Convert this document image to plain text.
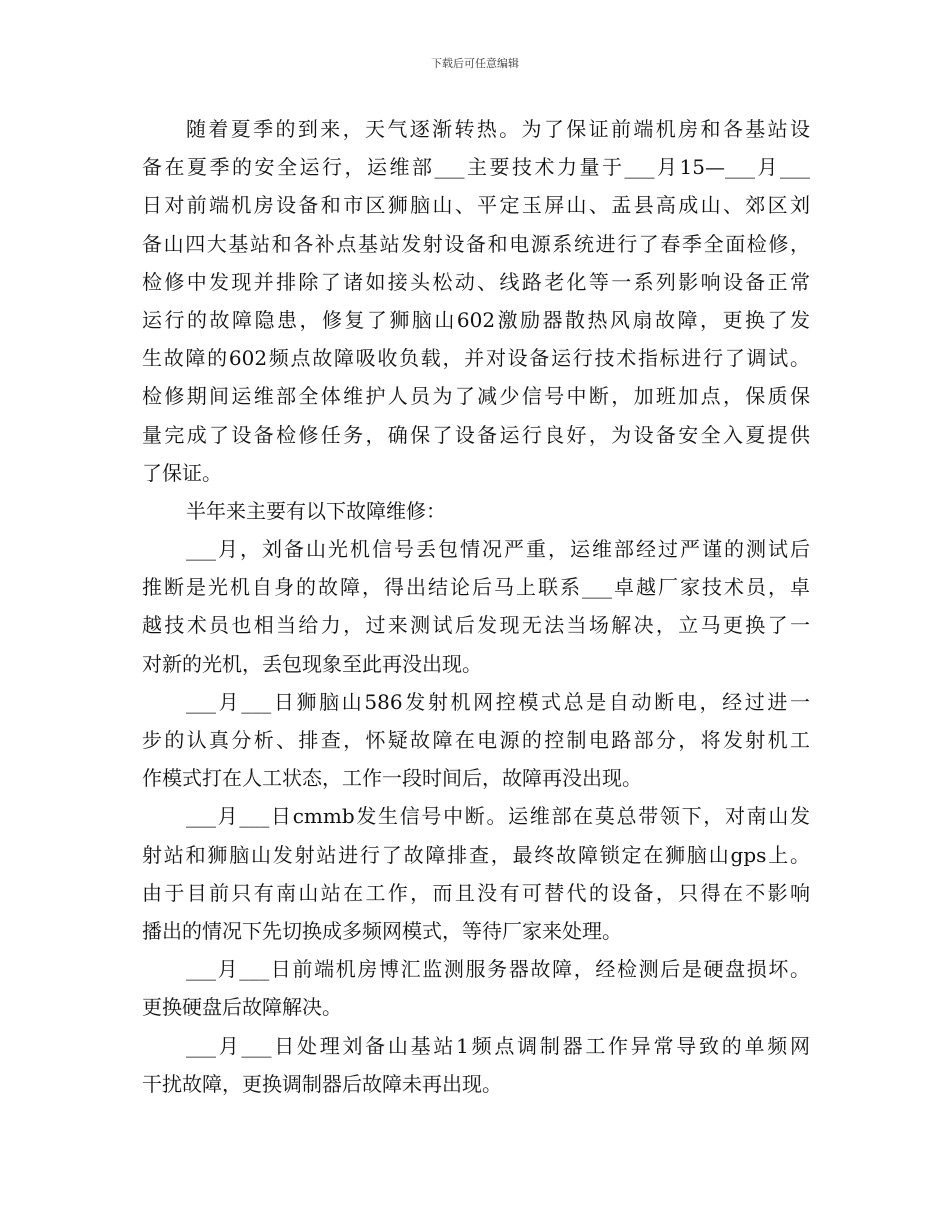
下载后可任意编辑
随着夏季的到来，天气逐渐转热。为了保证前端机房和各基站设
备在夏季的安全运行，运维部___主要技术力量于___月15—___月___
日对前端机房设备和市区狮脑山、平定玉屏山、盂县高成山、郊区刘
备山四大基站和各补点基站发射设备和电源系统进行了春季全面检修，
检修中发现并排除了诸如接头松动、线路老化等一系列影响设备正常
运行的故障隐患，修复了狮脑山602激励器散热风扇故障，更换了发
生故障的602频点故障吸收负载，并对设备运行技术指标进行了调试。
检修期间运维部全体维护人员为了减少信号中断，加班加点，保质保
量完成了设备检修任务，确保了设备运行良好，为设备安全入夏提供
了保证。
半年来主要有以下故障维修：
___月，刘备山光机信号丢包情况严重，运维部经过严谨的测试后
推断是光机自身的故障，得出结论后马上联系___卓越厂家技术员，卓
越技术员也相当给力，过来测试后发现无法当场解决，立马更换了一
对新的光机，丢包现象至此再没出现。
___月___日狮脑山586发射机网控模式总是自动断电，经过进一
步的认真分析、排查，怀疑故障在电源的控制电路部分，将发射机工
作模式打在人工状态，工作一段时间后，故障再没出现。
___月___日cmmb发生信号中断。运维部在莫总带领下，对南山发
射站和狮脑山发射站进行了故障排查，最终故障锁定在狮脑山gps上。
由于目前只有南山站在工作，而且没有可替代的设备，只得在不影响
播出的情况下先切换成多频网模式，等待厂家来处理。
___月___日前端机房博汇监测服务器故障，经检测后是硬盘损坏。
更换硬盘后故障解决。
___月___日处理刘备山基站1频点调制器工作异常导致的单频网
干扰故障，更换调制器后故障未再出现。
